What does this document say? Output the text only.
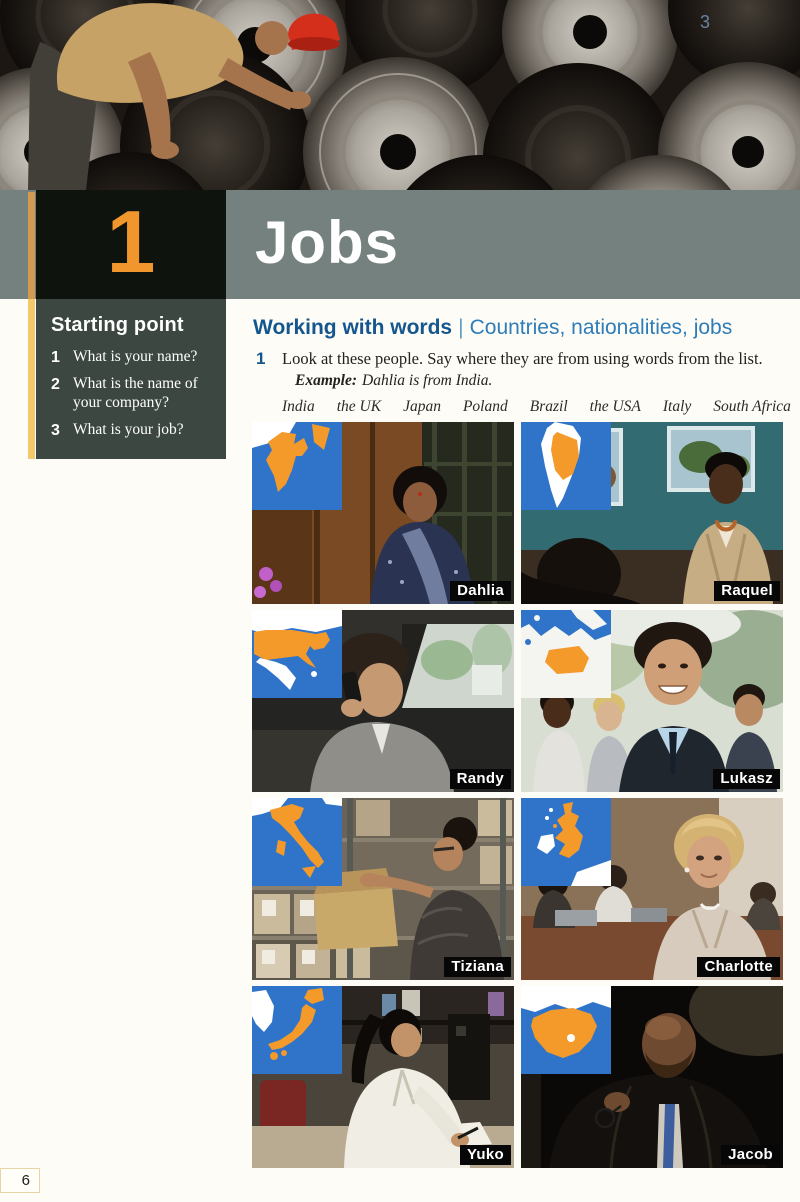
3
1	Jobs
Starting point
1 What is your name?
2 What is the name of your company?
3 What is your job?
Working with words | Countries, nationalities, jobs
1	Look at these people. Say where they are from using words from the list.
Example: Dahlia is from India.
India the UK Japan Poland Brazil the USA Italy South Africa
Dahlia	Raquel
Randy	Lukasz
Tiziana	Charlotte
Yuko	Jacob
6
